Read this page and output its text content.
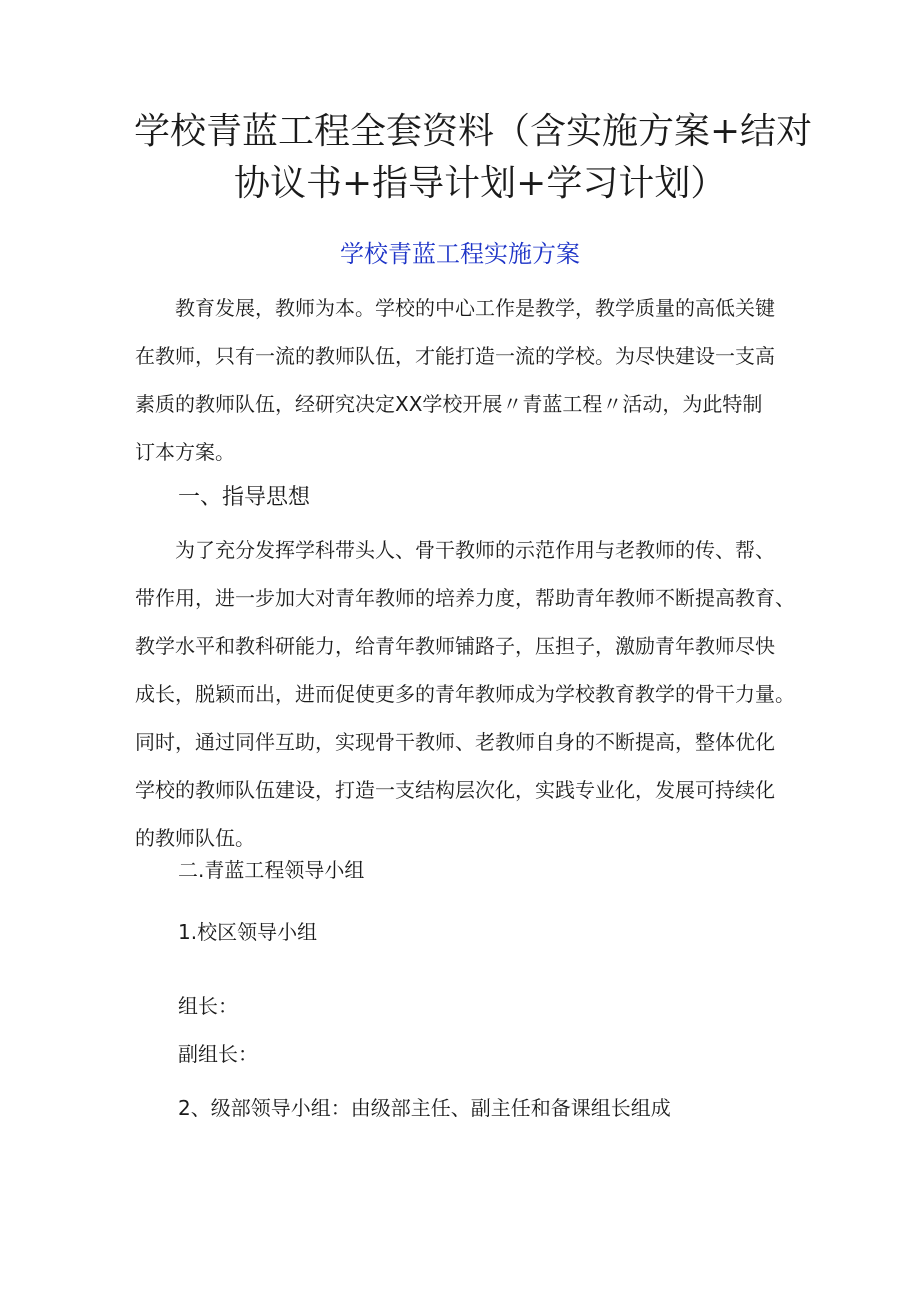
学校青蓝工程全套资料（含实施方案+结对
协议书+指导计划+学习计划）
学校青蓝工程实施方案
　　教育发展，教师为本。学校的中心工作是教学，教学质量的高低关键
在教师，只有一流的教师队伍，才能打造一流的学校。为尽快建设一支高
素质的教师队伍，经研究决定XX学校开展〃青蓝工程〃活动，为此特制
订本方案。
一、指导思想
　　为了充分发挥学科带头人、骨干教师的示范作用与老教师的传、帮、
带作用，进一步加大对青年教师的培养力度，帮助青年教师不断提高教育、
教学水平和教科研能力，给青年教师铺路子，压担子，激励青年教师尽快
成长，脱颖而出，进而促使更多的青年教师成为学校教育教学的骨干力量。
同时，通过同伴互助，实现骨干教师、老教师自身的不断提高，整体优化
学校的教师队伍建设，打造一支结构层次化，实践专业化，发展可持续化
的教师队伍。
二.青蓝工程领导小组
1.校区领导小组
组长：
副组长：
2、级部领导小组：由级部主任、副主任和备课组长组成
